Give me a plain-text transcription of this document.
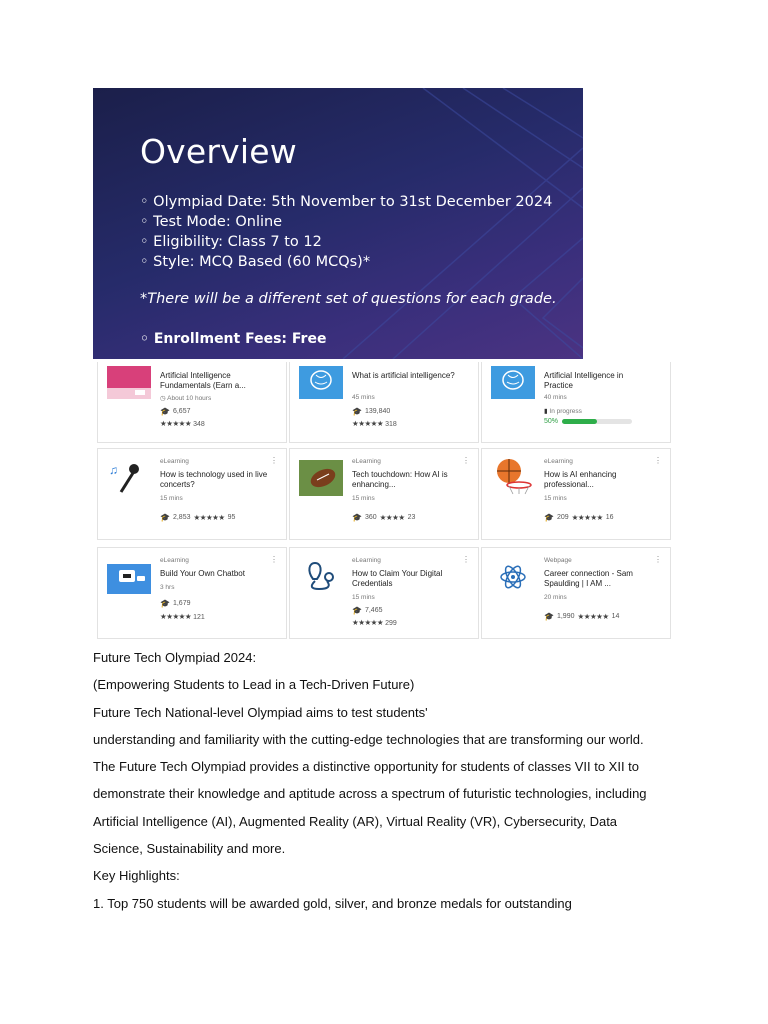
Overview
◦ Olympiad Date: 5th November to 31st December 2024
◦ Test Mode: Online
◦ Eligibility: Class 7 to 12
◦ Style: MCQ Based (60 MCQs)*
*There will be a different set of questions for each grade.
◦ Enrollment Fees: Free
Artificial Intelligence Fundamentals (Earn a...
◷ About 10 hours
🎓 6,657
★★★★★ 348
What is artificial intelligence?
45 mins
🎓 139,840
★★★★★ 318
Artificial Intelligence in Practice
40 mins
▮ In progress
50%
♫
eLearning	⋮
How is technology used in live concerts?
15 mins
🎓 2,853 ★★★★★ 95
eLearning	⋮
Tech touchdown: How AI is enhancing...
15 mins
🎓 360 ★★★★ 23
eLearning	⋮
How is AI enhancing professional...
15 mins
🎓 209 ★★★★★ 16
eLearning	⋮
Build Your Own Chatbot
3 hrs
🎓 1,679
★★★★★ 121
eLearning	⋮
How to Claim Your Digital Credentials
15 mins
🎓 7,465
★★★★★ 299
Webpage	⋮
Career connection - Sam Spaulding | I AM ...
20 mins
🎓 1,990 ★★★★★ 14

Future Tech Olympiad 2024:

(Empowering Students to Lead in a Tech-Driven Future)

Future Tech National-level Olympiad aims to test students'

understanding and familiarity with the cutting-edge technologies that are transforming our world.

The Future Tech Olympiad provides a distinctive opportunity for students of classes VII to XII to

demonstrate their knowledge and aptitude across a spectrum of futuristic technologies, including

Artificial Intelligence (AI), Augmented Reality (AR), Virtual Reality (VR), Cybersecurity, Data

Science, Sustainability and more.

Key Highlights:

1. Top 750 students will be awarded gold, silver, and bronze medals for outstanding
